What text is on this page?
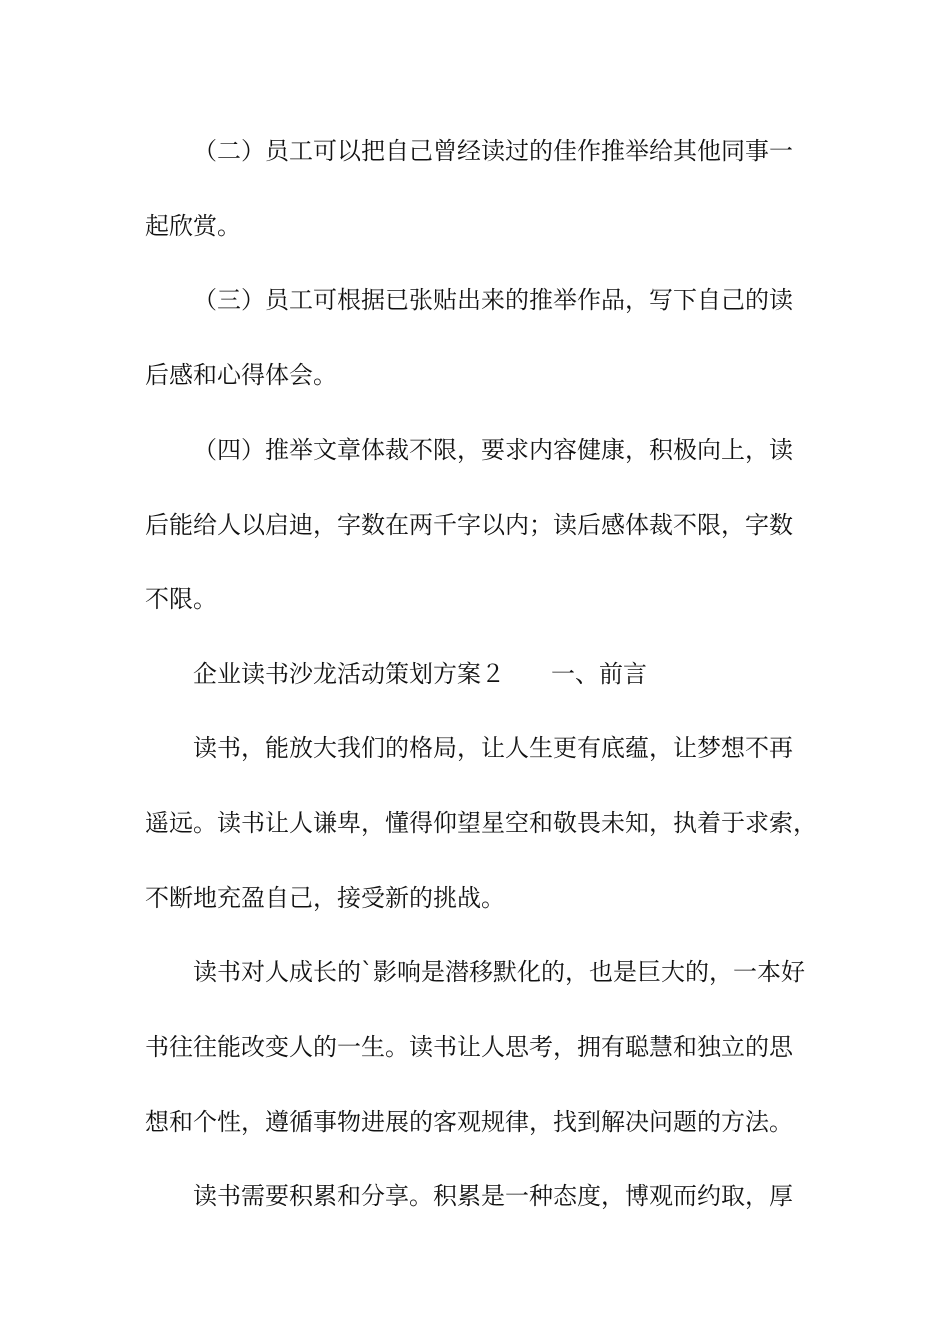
（二）员工可以把自己曾经读过的佳作推举给其他同事一
起欣赏。
（三）员工可根据已张贴出来的推举作品，写下自己的读
后感和心得体会。
（四）推举文章体裁不限，要求内容健康，积极向上，读
后能给人以启迪，字数在两千字以内；读后感体裁不限，字数
不限。
企业读书沙龙活动策划方案２ 一、前言
读书，能放大我们的格局，让人生更有底蕴，让梦想不再
遥远。读书让人谦卑，懂得仰望星空和敬畏未知，执着于求索，
不断地充盈自己，接受新的挑战。
读书对人成长的`影响是潜移默化的，也是巨大的，一本好
书往往能改变人的一生。读书让人思考，拥有聪慧和独立的思
想和个性，遵循事物进展的客观规律，找到解决问题的方法。
读书需要积累和分享。积累是一种态度，博观而约取，厚
